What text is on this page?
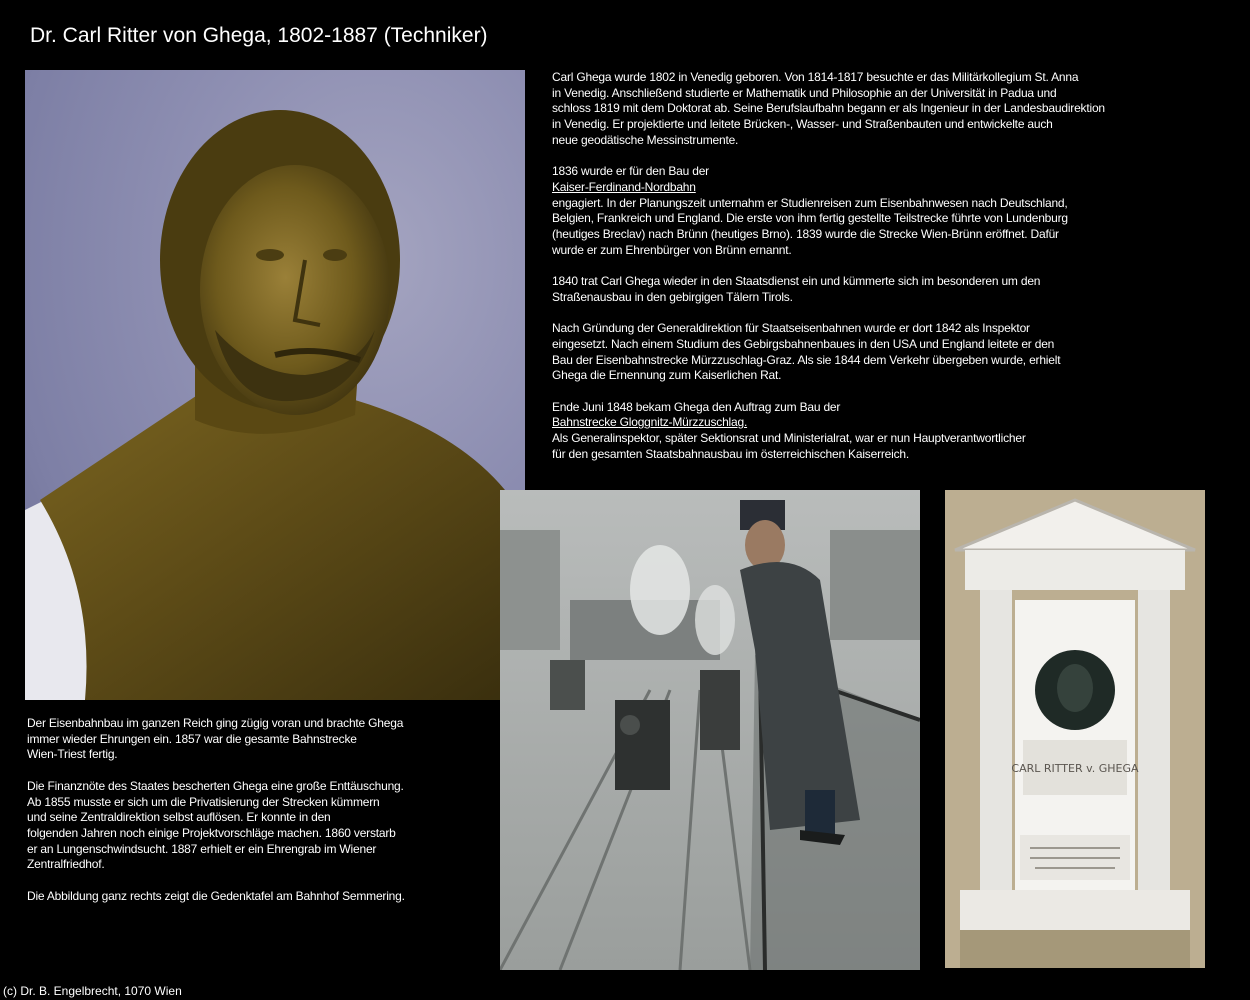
Dr. Carl Ritter von Ghega, 1802-1887 (Techniker)

Carl Ghega wurde 1802 in Venedig geboren. Von 1814-1817 besuchte er das Militärkollegium St. Anna
in Venedig. Anschließend studierte er Mathematik und Philosophie an der Universität in Padua und
schloss 1819 mit dem Doktorat ab. Seine Berufslaufbahn begann er als Ingenieur in der Landesbaudirektion
in Venedig. Er projektierte und leitete Brücken-, Wasser- und Straßenbauten und entwickelte auch
neue geodätische Messinstrumente.

1836 wurde er für den Bau der
Kaiser-Ferdinand-Nordbahn
engagiert. In der Planungszeit unternahm er Studienreisen zum Eisenbahnwesen nach Deutschland,
Belgien, Frankreich und England. Die erste von ihm fertig gestellte Teilstrecke führte von Lundenburg
(heutiges Breclav) nach Brünn (heutiges Brno). 1839 wurde die Strecke Wien-Brünn eröffnet. Dafür
wurde er zum Ehrenbürger von Brünn ernannt.

1840 trat Carl Ghega wieder in den Staatsdienst ein und kümmerte sich im besonderen um den
Straßenausbau in den gebirgigen Tälern Tirols.

Nach Gründung der Generaldirektion für Staatseisenbahnen wurde er dort 1842 als Inspektor
eingesetzt. Nach einem Studium des Gebirgsbahnenbaues in den USA und England leitete er den
Bau der Eisenbahnstrecke Mürzzuschlag-Graz. Als sie 1844 dem Verkehr übergeben wurde, erhielt
Ghega die Ernennung zum Kaiserlichen Rat.

Ende Juni 1848 bekam Ghega den Auftrag zum Bau der
Bahnstrecke Gloggnitz-Mürzzuschlag.
Als Generalinspektor, später Sektionsrat und Ministerialrat, war er nun Hauptverantwortlicher
für den gesamten Staatsbahnausbau im österreichischen Kaiserreich.

CARL RITTER v. GHEGA

Der Eisenbahnbau im ganzen Reich ging zügig voran und brachte Ghega
immer wieder Ehrungen ein. 1857 war die gesamte Bahnstrecke
Wien-Triest fertig.

Die Finanznöte des Staates bescherten Ghega eine große Enttäuschung.
Ab 1855 musste er sich um die Privatisierung der Strecken kümmern
und seine Zentraldirektion selbst auflösen. Er konnte in den
folgenden Jahren noch einige Projektvorschläge machen. 1860 verstarb
er an Lungenschwindsucht. 1887 erhielt er ein Ehrengrab im Wiener
Zentralfriedhof.

Die Abbildung ganz rechts zeigt die Gedenktafel am Bahnhof Semmering.

(c) Dr. B. Engelbrecht, 1070 Wien
